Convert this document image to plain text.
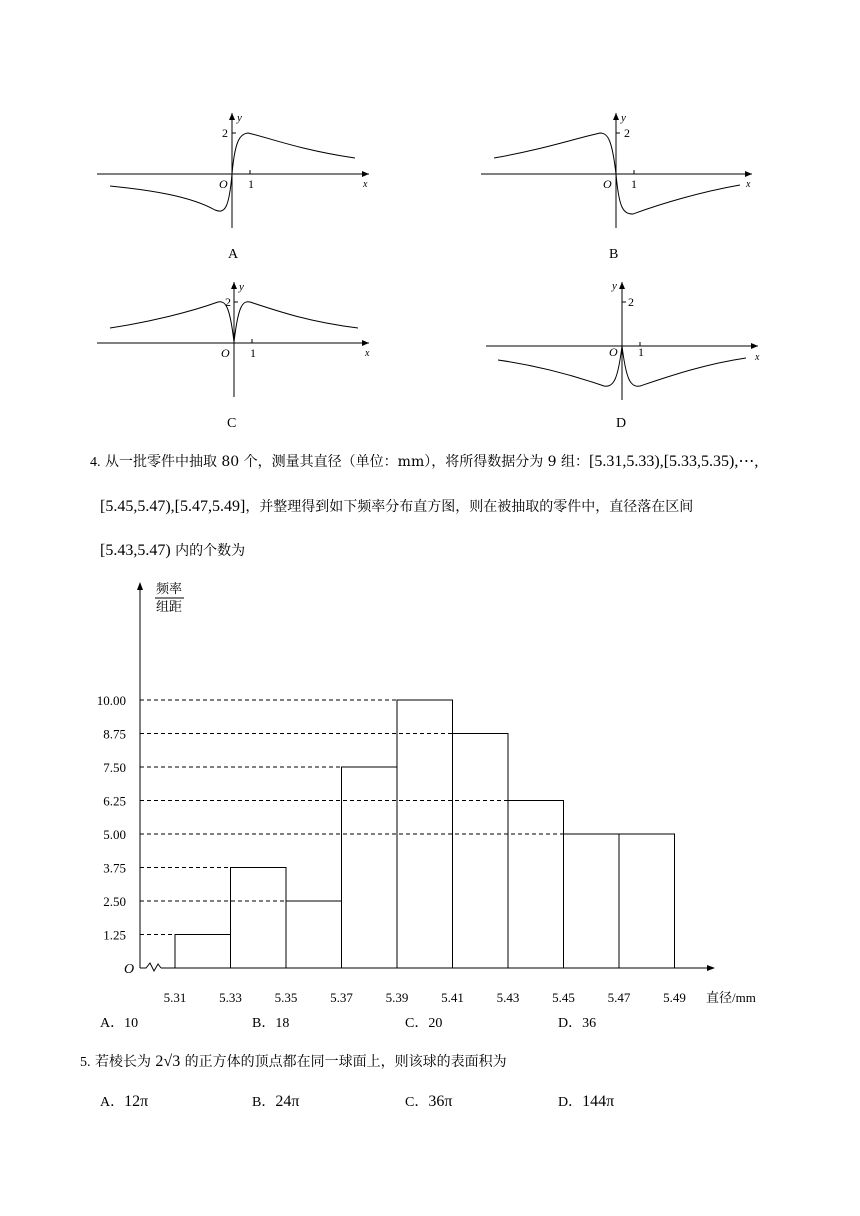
y
x
2
1
O
y
x
2
1
O
y
x
2
1
O
y
x
2
1
O
A	B
C	D
4. 从一批零件中抽取 80 个，测量其直径（单位：mm），将所得数据分为 9 组：[5.31,5.33),[5.33,5.35),⋯,
[5.45,5.47),[5.47,5.49]，并整理得到如下频率分布直方图，则在被抽取的零件中，直径落在区间
[5.43,5.47) 内的个数为
频率
组距
O
直径/mm
1.25
2.50
3.75
5.00
6.25
7.50
8.75
10.00
5.31	5.33	5.35	5.37	5.39	5.41	5.43	5.45	5.47	5.49
A．10	B．18	C．20	D．36
5. 若棱长为 2√3 的正方体的顶点都在同一球面上，则该球的表面积为
A．12π	B．24π	C．36π	D．144π
